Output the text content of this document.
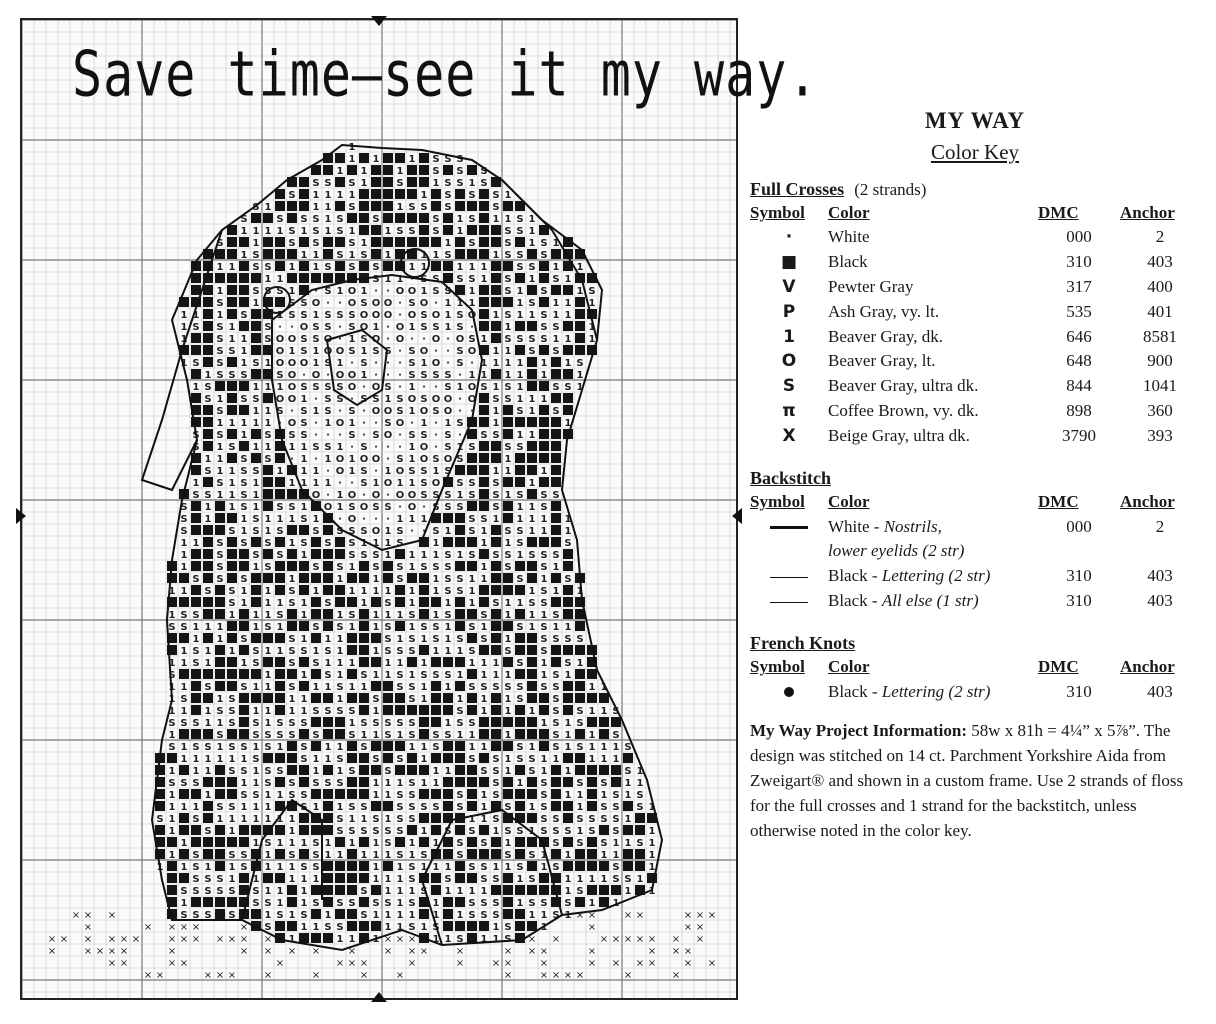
1
1 1	1 S S S
1 1	1	S S S
S S S 1	S	1 S S 1 S
S 1 1 1 1	1 S S S 1
S 1	1 1 S	1 S S S	S
S	S S S 1 S	S	S 1 S 1 1 S 1
1 1 1 1 S 1 S 1 S 1	1 S S S 1	S S 1
S	1	S S	S 1	1 S	S 1 S 1
1 S	1 1 S 1 S 1	1 1 S	1 S S S
1 1 S S 1 1 S S S	1 1	1 1 1	S S 1 1
1 1	S 1 1 · S S S S 1 S 1 S 1
1	S S S 1 · S 1 O 1 · · O O 1 S S 1	S 1 S	1 S
S	1	S S O · · O S O O · S O · 1 1 1	1 S 1 1 1
1 1 1 S	1 S S 1 S S S O O O · O S O 1 S O 1 S 1 1 S 1 1
1 S S 1	S · · O S S · S O 1 · O 1 S S 1 S ·	1	S S	1
1	S 1 1 S O O S S O · 1 S O · O · · O · O S 1 S S S S 1 1 1
S S 1	O 1 S 1 O O S 1 S S · S O · · S O 1 1 S S
1 S S 1 S 1 O O O 1 S 1 · S · · · S 1 O · S · 1 1 1 1 1 1 S
1 S S S	S O · O · O O 1 · · · S S S S · 1 1 1 1 1	1
1 S	1 1 1 O S S S S O · O S · 1 · · S 1 O S 1 S 1	S S 1
S 1 S S O O 1 · S S · S S 1 S O S O O · O S S 1 1 1
S	1 1 S · S 1 S · S · O O S 1 O S O · · 1 S 1 S
1 1 1 1 1 · O S · 1 O 1 · · S O · 1 · 1 S	1	1
S S 1 S S S · · · S · S O · S S · S · S S 1 1
S 1 S 1 1 1 1 S S 1 · S · · · 1 O · S 1 S	S S
1 1 S S · 1 · 1 O 1 O O · S 1 O S O S	1
S 1 1 S S 1 1 1 · O 1 S · 1 O S S 1 S	1 1	1
1 S 1 S 1	1 1 1 1 · · S 1 O 1 1 S O S S S	1
S S 1 1 S 1	O · 1 O · O · O O S S S 1 S S 1 S S S
S 1 1 S 1 S S 1 O 1 S O S S · O · S S S	S 1 1 S
S 1	1 S 1 1 1 S 1 · O · · · 1 1 1	S S 1 1 1 1 1
S	S 1 S 1 S	S S S S O 1 S · · S 1 S 1 S S 1 1 1
1 1 S S S 1 S S S 1 1 1 S · 1	1 1 S	S
1	S	S S 1	S S S 1 1 1 1 S 1 S S S 1 S S S
1	S	1 S	S S 1 S S 1 S S S	1 S	S 1
S S S	1	1	1 S	1 S S 1 1	S 1 S
1 1 S S 1 1 S 1	1 1 1 1 1 1 S S 1	1 S 1 1
S 1 1 1 S 1 S	1 S 1	1 1 S 1 1 S S
1 S S	1 1 1 S 1	1 S 1 1 1 S 1 S	S 1 1 1 S
S S 1 1 1	1 S 1	S S 1 1 S 1 S S 1 S 1	S 1 S 1 1
1 1 S	S 1 1 1	S 1 S 1 S 1 S S 1	S S S S
1 S 1 1 S 1 1 S S 1 S 1	1 S S S 1 1 1 S	S	S
1 1 S 1	1 S	S S 1 1 1	1 1 1	1 1 1 S 1 S 1
S	1	1 S 1 S 1 1 S 1 S S S 1 1 1 1	1 S 1
1 1 S	S 1 1 S 1 1 S 1 1	S S 1 1 S S S S S S S	1 1
1 S	1 S	1 1	1	S	S 1	1 1 1 S	S
1 1 1 S S 1 1 1 1 S S S S 1	S 1 1 1 S S 1 1 S
S S S 1 1 S S 1 S S S	1 S S S S S	1 S S	1 S 1 S
1	S	S S S S S	S 1 1 S 1 S S S 1 1	1	S 1 1 S
S 1 S S 1 S S 1 S 1 S 1 1 S	1 1 S	1 1	S 1 S 1 S 1 1 1 S
1 1 1 1 1 1 S	S 1 1 S	S S 1	S S 1 S S 1 1	1 1 1
1 1 1 S S 1 S S	1 1 S	S	1 1	S S 1 S 1 1	S 1
S S S	1 1 S S S S S	1 1 1 S 1 1	S 1 S	S S 1 1
1	1	S S 1 1 S S	1 1 S S	S 1 S	S 1 1 1 S 1 S
1 1 1 S S 1 1 1	S 1 1 S S	S S S S S 1 S 1 S	1 S S S 1
S 1 S 1 1 1 1 1 1 1	S 1 1 S 1 S S	1 1 S	S S S S S S 1
1	S 1	1	S S S S S S 1 S S 1 S S 1 S S S 1 S S	1
1	1 S 1 1 1 S 1 1 1 S 1 1 S S 1	S S S 1 1 S 1
1 S	S S 1 S S 1 1 1 1 1 S 1 S	S	S S 1 1	1 1	1
1 1 S 1 1 S 1 1 1 S S	1 1 S 1 1 1 S S 1 1 S 1 S	S	1
S S S 1 1	1 1 1	1 1 1 S	S	S S 1 S	1 1 1 1 S S 1
S S S S S S 1 1 1	S 1 1 1 S 1 1 1 1	1 S	1 1
1	S S 1 1 S S S S S 1 S 1	S S S 1 S S S 1 1
S S S S	1 S 1 S 1	S 1 1 1 1 1 1 S S S	1 1 S 1
S	1 1 S S	1 1 S 1 S	1 S	1
1	1 1 1	1 1 S 1 1 S
× × ×	× ×	× ×	× × ×
×	× × × ×	×	×	× ×
× × × × × ×	× × × × × × ×	× × ×	× ×	× × × × × × ×
×	× × × ×	×	× × × ×	×	× × ×	×	× × ×	×	× × ×
× ×	× ×	×	× × ×	×	×	× ×	×	× × × ×	× ×
× ×	× × ×	×	×	×	×	×	× × × ×	×	×
Save time—see it my way.
MY WAY
Color Key
Full Crosses (2 strands)
Symbol	Color	DMC	Anchor
·	White	000	2
■	Black	310	403
V	Pewter Gray	317	400
P	Ash Gray, vy. lt.	535	401
1	Beaver Gray, dk.	646	8581
O	Beaver Gray, lt.	648	900
S	Beaver Gray, ultra dk.	844	1041
π	Coffee Brown, vy. dk.	898	360
X	Beige Gray, ultra dk.	3790	393
Backstitch
Symbol	Color	DMC	Anchor
	White - Nostrils,	000	2
	lower eyelids (2 str)		
	Black - Lettering (2 str)	310	403
	Black - All else (1 str)	310	403
French Knots
Symbol	Color	DMC	Anchor
	Black - Lettering (2 str)	310	403
My Way Project Information: 58w x 81h = 4¼” x 5⅞”. The design was stitched on 14 ct. Parchment Yorkshire Aida from Zweigart® and shown in a custom frame. Use 2 strands of floss for the full crosses and 1 strand for the backstitch, unless otherwise noted in the color key.
